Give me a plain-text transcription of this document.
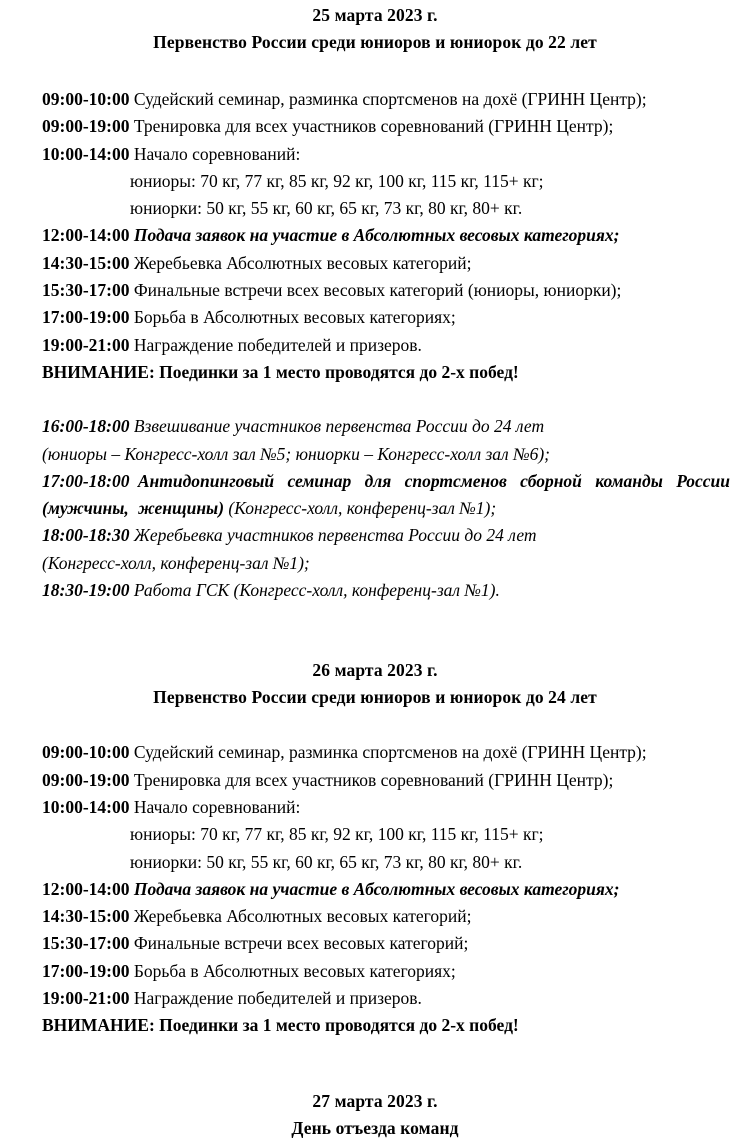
25 марта 2023 г.

Первенство России среди юниоров и юниорок до 22 лет

09:00-10:00 Судейский семинар, разминка спортсменов на дохё (ГРИНН Центр);

09:00-19:00 Тренировка для всех участников соревнований (ГРИНН Центр);

10:00-14:00 Начало соревнований:

юниоры: 70 кг, 77 кг, 85 кг, 92 кг, 100 кг, 115 кг, 115+ кг;

юниорки: 50 кг, 55 кг, 60 кг, 65 кг, 73 кг, 80 кг, 80+ кг.

12:00-14:00 Подача заявок на участие в Абсолютных весовых категориях;

14:30-15:00 Жеребьевка Абсолютных весовых категорий;

15:30-17:00 Финальные встречи всех весовых категорий (юниоры, юниорки);

17:00-19:00 Борьба в Абсолютных весовых категориях;

19:00-21:00 Награждение победителей и призеров.

ВНИМАНИЕ: Поединки за 1 место проводятся до 2-х побед!

16:00-18:00 Взвешивание участников первенства России до 24 лет

(юниоры – Конгресс-холл зал №5; юниорки – Конгресс-холл зал №6);

17:00-18:00 Антидопинговый семинар для спортсменов сборной команды России (мужчины, женщины) (Конгресс-холл, конференц-зал №1);

18:00-18:30 Жеребьевка участников первенства России до 24 лет

(Конгресс-холл, конференц-зал №1);

18:30-19:00 Работа ГСК (Конгресс-холл, конференц-зал №1).

26 марта 2023 г.

Первенство России среди юниоров и юниорок до 24 лет

09:00-10:00 Судейский семинар, разминка спортсменов на дохё (ГРИНН Центр);

09:00-19:00 Тренировка для всех участников соревнований (ГРИНН Центр);

10:00-14:00 Начало соревнований:

юниоры: 70 кг, 77 кг, 85 кг, 92 кг, 100 кг, 115 кг, 115+ кг;

юниорки: 50 кг, 55 кг, 60 кг, 65 кг, 73 кг, 80 кг, 80+ кг.

12:00-14:00 Подача заявок на участие в Абсолютных весовых категориях;

14:30-15:00 Жеребьевка Абсолютных весовых категорий;

15:30-17:00 Финальные встречи всех весовых категорий;

17:00-19:00 Борьба в Абсолютных весовых категориях;

19:00-21:00 Награждение победителей и призеров.

ВНИМАНИЕ: Поединки за 1 место проводятся до 2-х побед!

27 марта 2023 г.

День отъезда команд
